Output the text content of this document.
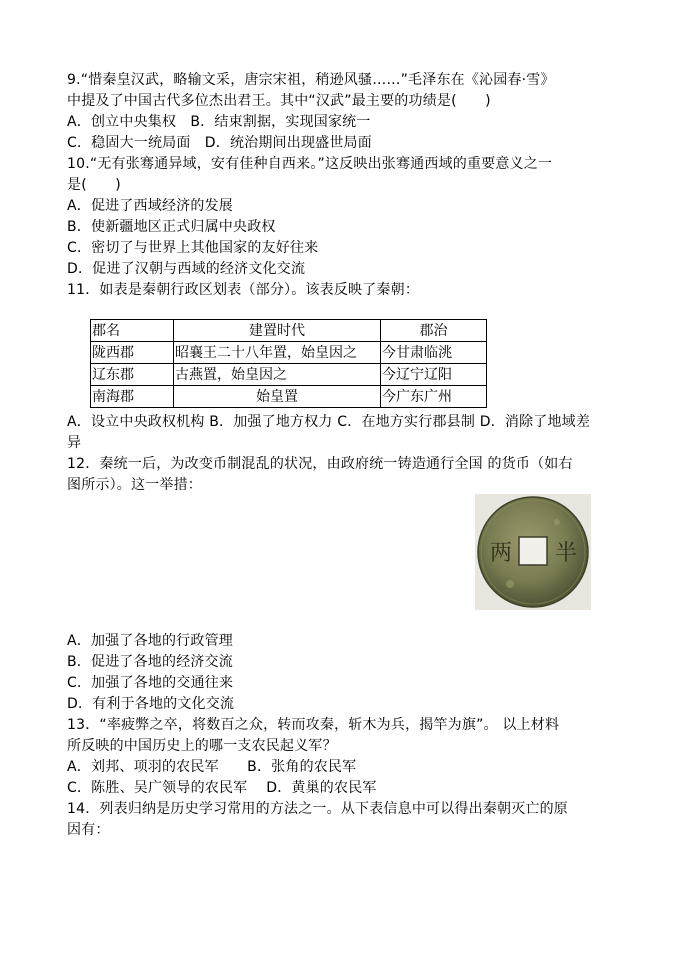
9.“惜秦皇汉武，略输文采，唐宗宋祖，稍逊风骚……”毛泽东在《沁园春·雪》
中提及了中国古代多位杰出君王。其中“汉武”最主要的功绩是(　　)
A．创立中央集权　B．结束割据，实现国家统一
C．稳固大一统局面　D．统治期间出现盛世局面
10.“无有张骞通异域，安有佳种自西来。”这反映出张骞通西域的重要意义之一
是(　　)
A．促进了西域经济的发展
B．使新疆地区正式归属中央政权
C．密切了与世界上其他国家的友好往来
D．促进了汉朝与西域的经济文化交流
11．如表是秦朝行政区划表（部分）。该表反映了秦朝：
郡名	建置时代	郡治
陇西郡	昭襄王二十八年置，始皇因之	今甘肃临洮
辽东郡	古燕置，始皇因之	今辽宁辽阳
南海郡	始皇置	今广东广州
A．设立中央政权机构 B．加强了地方权力 C．在地方实行郡县制 D．消除了地域差
异
12．秦统一后，为改变币制混乱的状况，由政府统一铸造通行全国 的货币（如右
图所示）。这一举措：
两 半
A．加强了各地的行政管理
B．促进了各地的经济交流
C．加强了各地的交通往来
D．有利于各地的文化交流
13．“率疲弊之卒，将数百之众，转而攻秦，斩木为兵，揭竿为旗”。 以上材料
所反映的中国历史上的哪一支农民起义军？
A．刘邦、项羽的农民军　　B．张角的农民军
C．陈胜、吴广领导的农民军　 D．黄巢的农民军
14．列表归纳是历史学习常用的方法之一。从下表信息中可以得出秦朝灭亡的原
因有：
